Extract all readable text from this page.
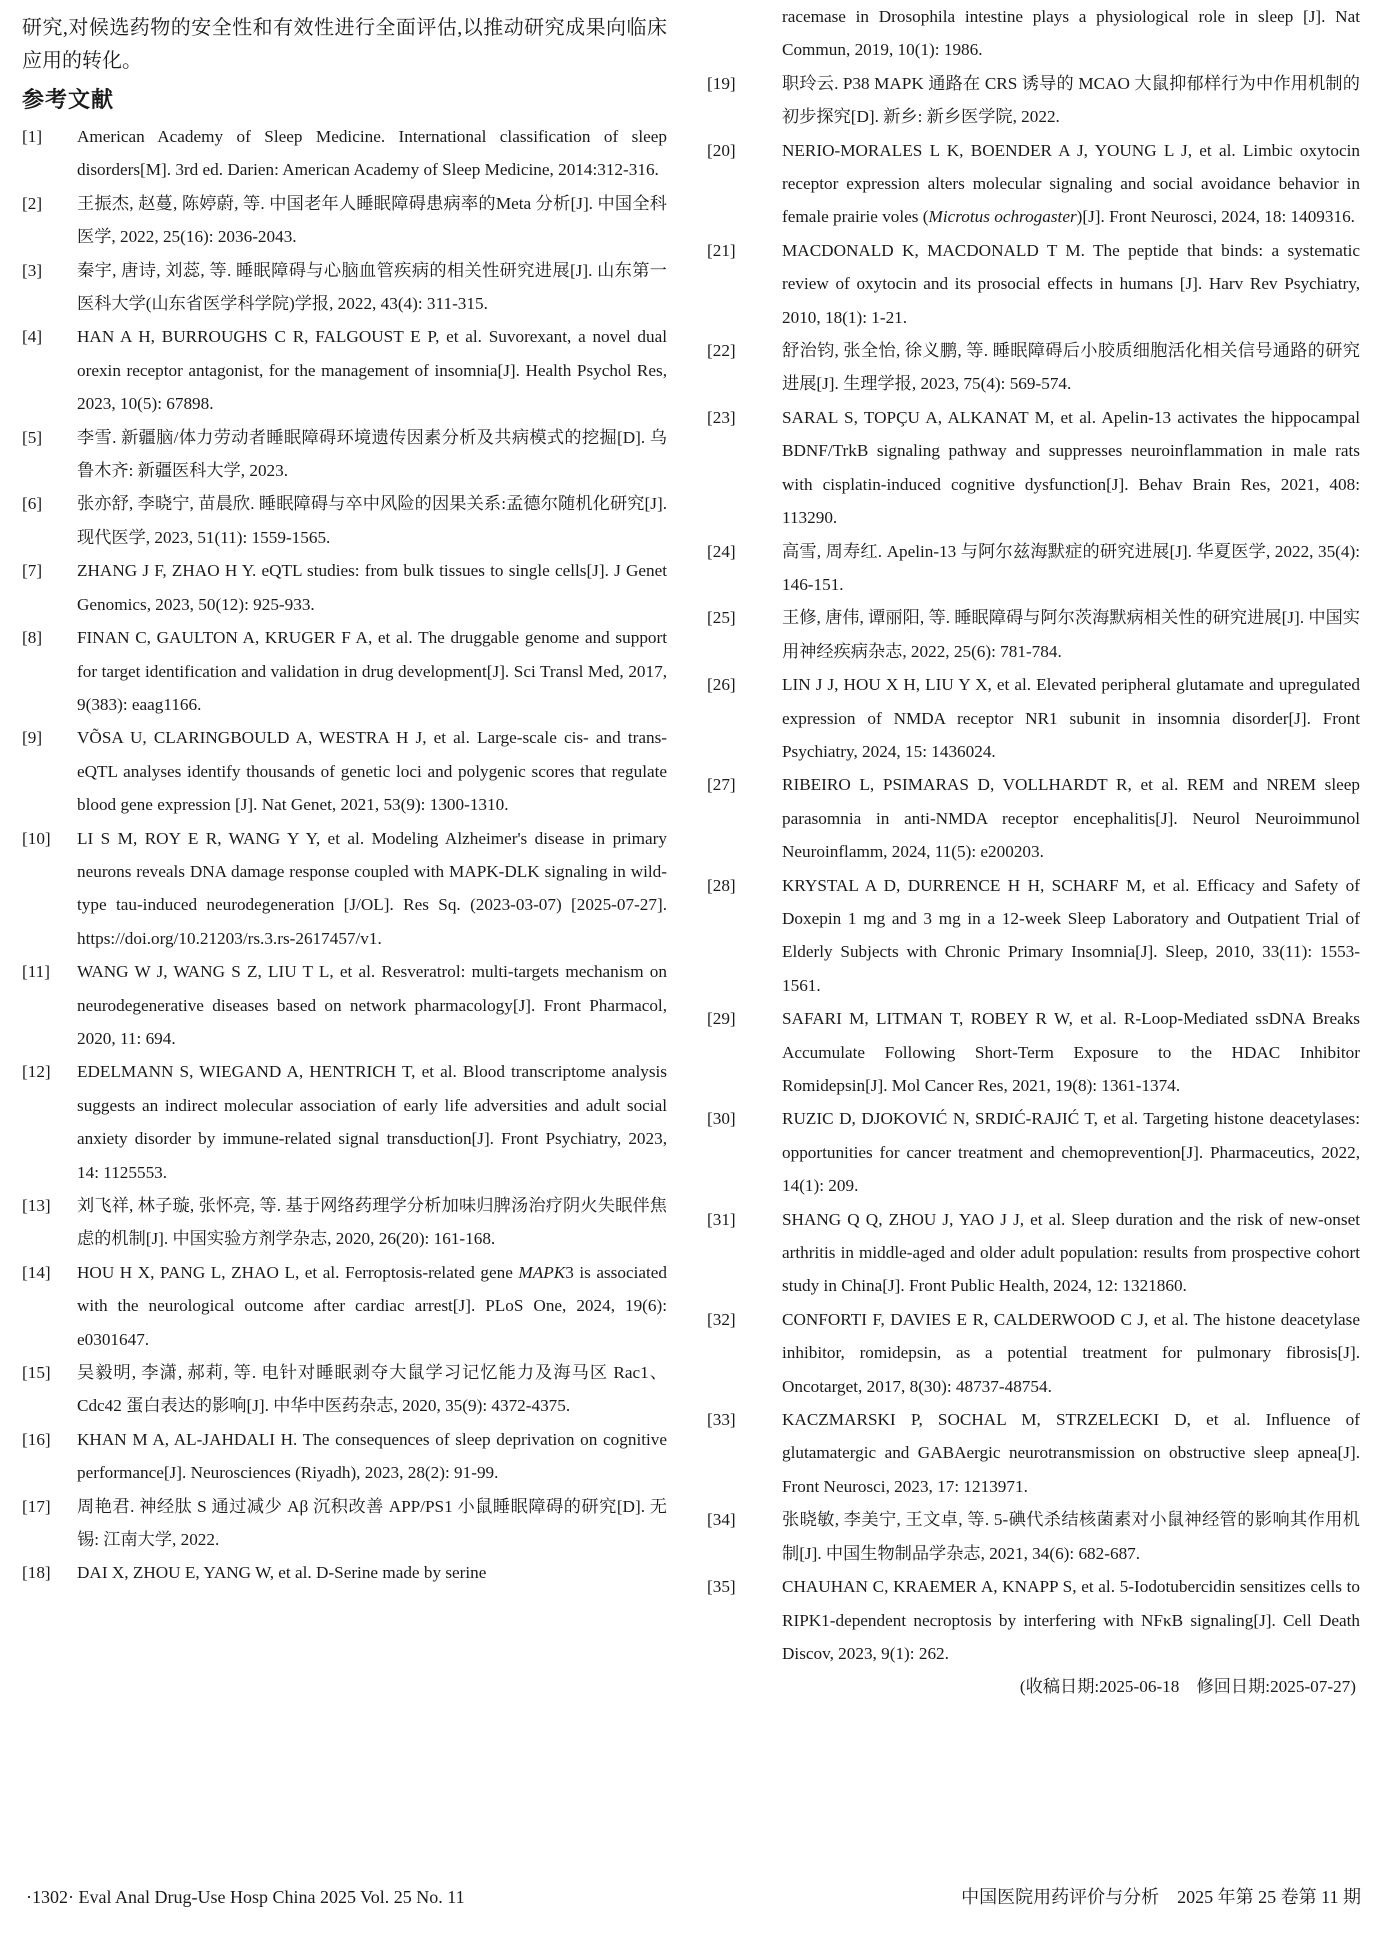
研究,对候选药物的安全性和有效性进行全面评估,以推动研究成果向临床应用的转化。

参考文献
[1]	American Academy of Sleep Medicine. International classification of sleep disorders[M]. 3rd ed. Darien: American Academy of Sleep Medicine, 2014:312-316.
[2]	王振杰, 赵蔓, 陈婷蔚, 等. 中国老年人睡眠障碍患病率的Meta 分析[J]. 中国全科医学, 2022, 25(16): 2036-2043.
[3]	秦宇, 唐诗, 刘蕊, 等. 睡眠障碍与心脑血管疾病的相关性研究进展[J]. 山东第一医科大学(山东省医学科学院)学报, 2022, 43(4): 311-315.
[4]	HAN A H, BURROUGHS C R, FALGOUST E P, et al. Suvorexant, a novel dual orexin receptor antagonist, for the management of insomnia[J]. Health Psychol Res, 2023, 10(5): 67898.
[5]	李雪. 新疆脑/体力劳动者睡眠障碍环境遗传因素分析及共病模式的挖掘[D]. 乌鲁木齐: 新疆医科大学, 2023.
[6]	张亦舒, 李晓宁, 苗晨欣. 睡眠障碍与卒中风险的因果关系:孟德尔随机化研究[J]. 现代医学, 2023, 51(11): 1559-1565.
[7]	ZHANG J F, ZHAO H Y. eQTL studies: from bulk tissues to single cells[J]. J Genet Genomics, 2023, 50(12): 925-933.
[8]	FINAN C, GAULTON A, KRUGER F A, et al. The druggable genome and support for target identification and validation in drug development[J]. Sci Transl Med, 2017, 9(383): eaag1166.
[9]	VÕSA U, CLARINGBOULD A, WESTRA H J, et al. Large-scale cis- and trans-eQTL analyses identify thousands of genetic loci and polygenic scores that regulate blood gene expression [J]. Nat Genet, 2021, 53(9): 1300-1310.
[10]	LI S M, ROY E R, WANG Y Y, et al. Modeling Alzheimer's disease in primary neurons reveals DNA damage response coupled with MAPK-DLK signaling in wild-type tau-induced neurodegeneration [J/OL]. Res Sq. (2023-03-07) [2025-07-27]. https://doi.org/10.21203/rs.3.rs-2617457/v1.
[11]	WANG W J, WANG S Z, LIU T L, et al. Resveratrol: multi-targets mechanism on neurodegenerative diseases based on network pharmacology[J]. Front Pharmacol, 2020, 11: 694.
[12]	EDELMANN S, WIEGAND A, HENTRICH T, et al. Blood transcriptome analysis suggests an indirect molecular association of early life adversities and adult social anxiety disorder by immune-related signal transduction[J]. Front Psychiatry, 2023, 14: 1125553.
[13]	刘飞祥, 林子璇, 张怀亮, 等. 基于网络药理学分析加味归脾汤治疗阴火失眠伴焦虑的机制[J]. 中国实验方剂学杂志, 2020, 26(20): 161-168.
[14]	HOU H X, PANG L, ZHAO L, et al. Ferroptosis-related gene MAPK3 is associated with the neurological outcome after cardiac arrest[J]. PLoS One, 2024, 19(6): e0301647.
[15]	吴毅明, 李潇, 郝莉, 等. 电针对睡眠剥夺大鼠学习记忆能力及海马区 Rac1、Cdc42 蛋白表达的影响[J]. 中华中医药杂志, 2020, 35(9): 4372-4375.
[16]	KHAN M A, AL-JAHDALI H. The consequences of sleep deprivation on cognitive performance[J]. Neurosciences (Riyadh), 2023, 28(2): 91-99.
[17]	周艳君. 神经肽 S 通过减少 Aβ 沉积改善 APP/PS1 小鼠睡眠障碍的研究[D]. 无锡: 江南大学, 2022.
[18]	DAI X, ZHOU E, YANG W, et al. D-Serine made by serine
racemase in Drosophila intestine plays a physiological role in sleep [J]. Nat Commun, 2019, 10(1): 1986.
[19]	职玲云. P38 MAPK 通路在 CRS 诱导的 MCAO 大鼠抑郁样行为中作用机制的初步探究[D]. 新乡: 新乡医学院, 2022.
[20]	NERIO-MORALES L K, BOENDER A J, YOUNG L J, et al. Limbic oxytocin receptor expression alters molecular signaling and social avoidance behavior in female prairie voles (Microtus ochrogaster)[J]. Front Neurosci, 2024, 18: 1409316.
[21]	MACDONALD K, MACDONALD T M. The peptide that binds: a systematic review of oxytocin and its prosocial effects in humans [J]. Harv Rev Psychiatry, 2010, 18(1): 1-21.
[22]	舒治钧, 张全怡, 徐义鹏, 等. 睡眠障碍后小胶质细胞活化相关信号通路的研究进展[J]. 生理学报, 2023, 75(4): 569-574.
[23]	SARAL S, TOPÇU A, ALKANAT M, et al. Apelin-13 activates the hippocampal BDNF/TrkB signaling pathway and suppresses neuroinflammation in male rats with cisplatin-induced cognitive dysfunction[J]. Behav Brain Res, 2021, 408: 113290.
[24]	高雪, 周寿红. Apelin-13 与阿尔兹海默症的研究进展[J]. 华夏医学, 2022, 35(4): 146-151.
[25]	王修, 唐伟, 谭丽阳, 等. 睡眠障碍与阿尔茨海默病相关性的研究进展[J]. 中国实用神经疾病杂志, 2022, 25(6): 781-784.
[26]	LIN J J, HOU X H, LIU Y X, et al. Elevated peripheral glutamate and upregulated expression of NMDA receptor NR1 subunit in insomnia disorder[J]. Front Psychiatry, 2024, 15: 1436024.
[27]	RIBEIRO L, PSIMARAS D, VOLLHARDT R, et al. REM and NREM sleep parasomnia in anti-NMDA receptor encephalitis[J]. Neurol Neuroimmunol Neuroinflamm, 2024, 11(5): e200203.
[28]	KRYSTAL A D, DURRENCE H H, SCHARF M, et al. Efficacy and Safety of Doxepin 1 mg and 3 mg in a 12-week Sleep Laboratory and Outpatient Trial of Elderly Subjects with Chronic Primary Insomnia[J]. Sleep, 2010, 33(11): 1553-1561.
[29]	SAFARI M, LITMAN T, ROBEY R W, et al. R-Loop-Mediated ssDNA Breaks Accumulate Following Short-Term Exposure to the HDAC Inhibitor Romidepsin[J]. Mol Cancer Res, 2021, 19(8): 1361-1374.
[30]	RUZIC D, DJOKOVIĆ N, SRDIĆ-RAJIĆ T, et al. Targeting histone deacetylases: opportunities for cancer treatment and chemoprevention[J]. Pharmaceutics, 2022, 14(1): 209.
[31]	SHANG Q Q, ZHOU J, YAO J J, et al. Sleep duration and the risk of new-onset arthritis in middle-aged and older adult population: results from prospective cohort study in China[J]. Front Public Health, 2024, 12: 1321860.
[32]	CONFORTI F, DAVIES E R, CALDERWOOD C J, et al. The histone deacetylase inhibitor, romidepsin, as a potential treatment for pulmonary fibrosis[J]. Oncotarget, 2017, 8(30): 48737-48754.
[33]	KACZMARSKI P, SOCHAL M, STRZELECKI D, et al. Influence of glutamatergic and GABAergic neurotransmission on obstructive sleep apnea[J]. Front Neurosci, 2023, 17: 1213971.
[34]	张晓敏, 李美宁, 王文卓, 等. 5-碘代杀结核菌素对小鼠神经管的影响其作用机制[J]. 中国生物制品学杂志, 2021, 34(6): 682-687.
[35]	CHAUHAN C, KRAEMER A, KNAPP S, et al. 5-Iodotubercidin sensitizes cells to RIPK1-dependent necroptosis by interfering with NFκB signaling[J]. Cell Death Discov, 2023, 9(1): 262.
(收稿日期:2025-06-18　修回日期:2025-07-27)
·1302· Eval Anal Drug-Use Hosp China 2025 Vol. 25 No. 11	中国医院用药评价与分析　2025 年第 25 卷第 11 期
